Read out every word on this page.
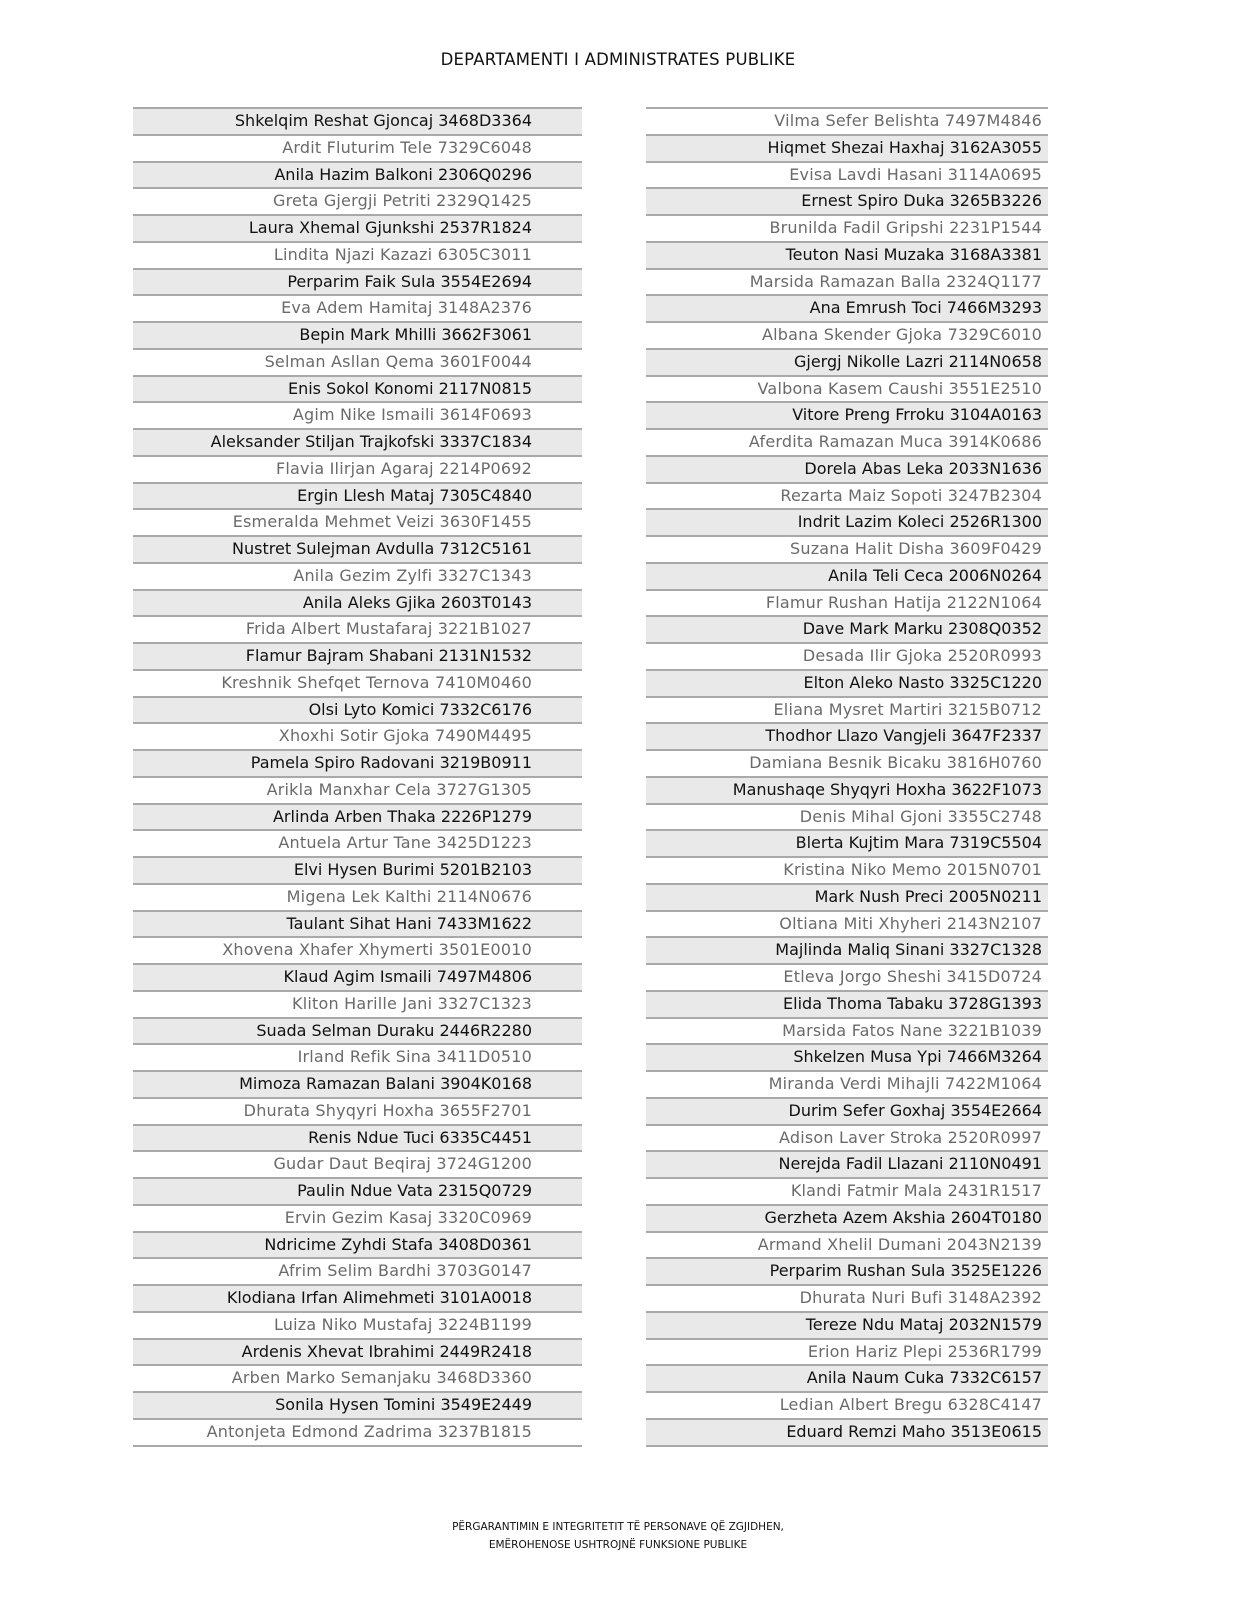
DEPARTAMENTI I ADMINISTRATES PUBLIKE
Shkelqim Reshat Gjoncaj 3468D3364
Ardit Fluturim Tele 7329C6048
Anila Hazim Balkoni 2306Q0296
Greta Gjergji Petriti 2329Q1425
Laura Xhemal Gjunkshi 2537R1824
Lindita Njazi Kazazi 6305C3011
Perparim Faik Sula 3554E2694
Eva Adem Hamitaj 3148A2376
Bepin Mark Mhilli 3662F3061
Selman Asllan Qema 3601F0044
Enis Sokol Konomi 2117N0815
Agim Nike Ismaili 3614F0693
Aleksander Stiljan Trajkofski 3337C1834
Flavia Ilirjan Agaraj 2214P0692
Ergin Llesh Mataj 7305C4840
Esmeralda Mehmet Veizi 3630F1455
Nustret Sulejman Avdulla 7312C5161
Anila Gezim Zylfi 3327C1343
Anila Aleks Gjika 2603T0143
Frida Albert Mustafaraj 3221B1027
Flamur Bajram Shabani 2131N1532
Kreshnik Shefqet Ternova 7410M0460
Olsi Lyto Komici 7332C6176
Xhoxhi Sotir Gjoka 7490M4495
Pamela Spiro Radovani 3219B0911
Arikla Manxhar Cela 3727G1305
Arlinda Arben Thaka 2226P1279
Antuela Artur Tane 3425D1223
Elvi Hysen Burimi 5201B2103
Migena Lek Kalthi 2114N0676
Taulant Sihat Hani 7433M1622
Xhovena Xhafer Xhymerti 3501E0010
Klaud Agim Ismaili 7497M4806
Kliton Harille Jani 3327C1323
Suada Selman Duraku 2446R2280
Irland Refik Sina 3411D0510
Mimoza Ramazan Balani 3904K0168
Dhurata Shyqyri Hoxha 3655F2701
Renis Ndue Tuci 6335C4451
Gudar Daut Beqiraj 3724G1200
Paulin Ndue Vata 2315Q0729
Ervin Gezim Kasaj 3320C0969
Ndricime Zyhdi Stafa 3408D0361
Afrim Selim Bardhi 3703G0147
Klodiana Irfan Alimehmeti 3101A0018
Luiza Niko Mustafaj 3224B1199
Ardenis Xhevat Ibrahimi 2449R2418
Arben Marko Semanjaku 3468D3360
Sonila Hysen Tomini 3549E2449
Antonjeta Edmond Zadrima 3237B1815
Vilma Sefer Belishta 7497M4846
Hiqmet Shezai Haxhaj 3162A3055
Evisa Lavdi Hasani 3114A0695
Ernest Spiro Duka 3265B3226
Brunilda Fadil Gripshi 2231P1544
Teuton Nasi Muzaka 3168A3381
Marsida Ramazan Balla 2324Q1177
Ana Emrush Toci 7466M3293
Albana Skender Gjoka 7329C6010
Gjergj Nikolle Lazri 2114N0658
Valbona Kasem Caushi 3551E2510
Vitore Preng Frroku 3104A0163
Aferdita Ramazan Muca 3914K0686
Dorela Abas Leka 2033N1636
Rezarta Maiz Sopoti 3247B2304
Indrit Lazim Koleci 2526R1300
Suzana Halit Disha 3609F0429
Anila Teli Ceca 2006N0264
Flamur Rushan Hatija 2122N1064
Dave Mark Marku 2308Q0352
Desada Ilir Gjoka 2520R0993
Elton Aleko Nasto 3325C1220
Eliana Mysret Martiri 3215B0712
Thodhor Llazo Vangjeli 3647F2337
Damiana Besnik Bicaku 3816H0760
Manushaqe Shyqyri Hoxha 3622F1073
Denis Mihal Gjoni 3355C2748
Blerta Kujtim Mara 7319C5504
Kristina Niko Memo 2015N0701
Mark Nush Preci 2005N0211
Oltiana Miti Xhyheri 2143N2107
Majlinda Maliq Sinani 3327C1328
Etleva Jorgo Sheshi 3415D0724
Elida Thoma Tabaku 3728G1393
Marsida Fatos Nane 3221B1039
Shkelzen Musa Ypi 7466M3264
Miranda Verdi Mihajli 7422M1064
Durim Sefer Goxhaj 3554E2664
Adison Laver Stroka 2520R0997
Nerejda Fadil Llazani 2110N0491
Klandi Fatmir Mala 2431R1517
Gerzheta Azem Akshia 2604T0180
Armand Xhelil Dumani 2043N2139
Perparim Rushan Sula 3525E1226
Dhurata Nuri Bufi 3148A2392
Tereze Ndu Mataj 2032N1579
Erion Hariz Plepi 2536R1799
Anila Naum Cuka 7332C6157
Ledian Albert Bregu 6328C4147
Eduard Remzi Maho 3513E0615
PËRGARANTIMIN E INTEGRITETIT TË PERSONAVE QË ZGJIDHEN,
EMËROHENOSE USHTROJNË FUNKSIONE PUBLIKE
